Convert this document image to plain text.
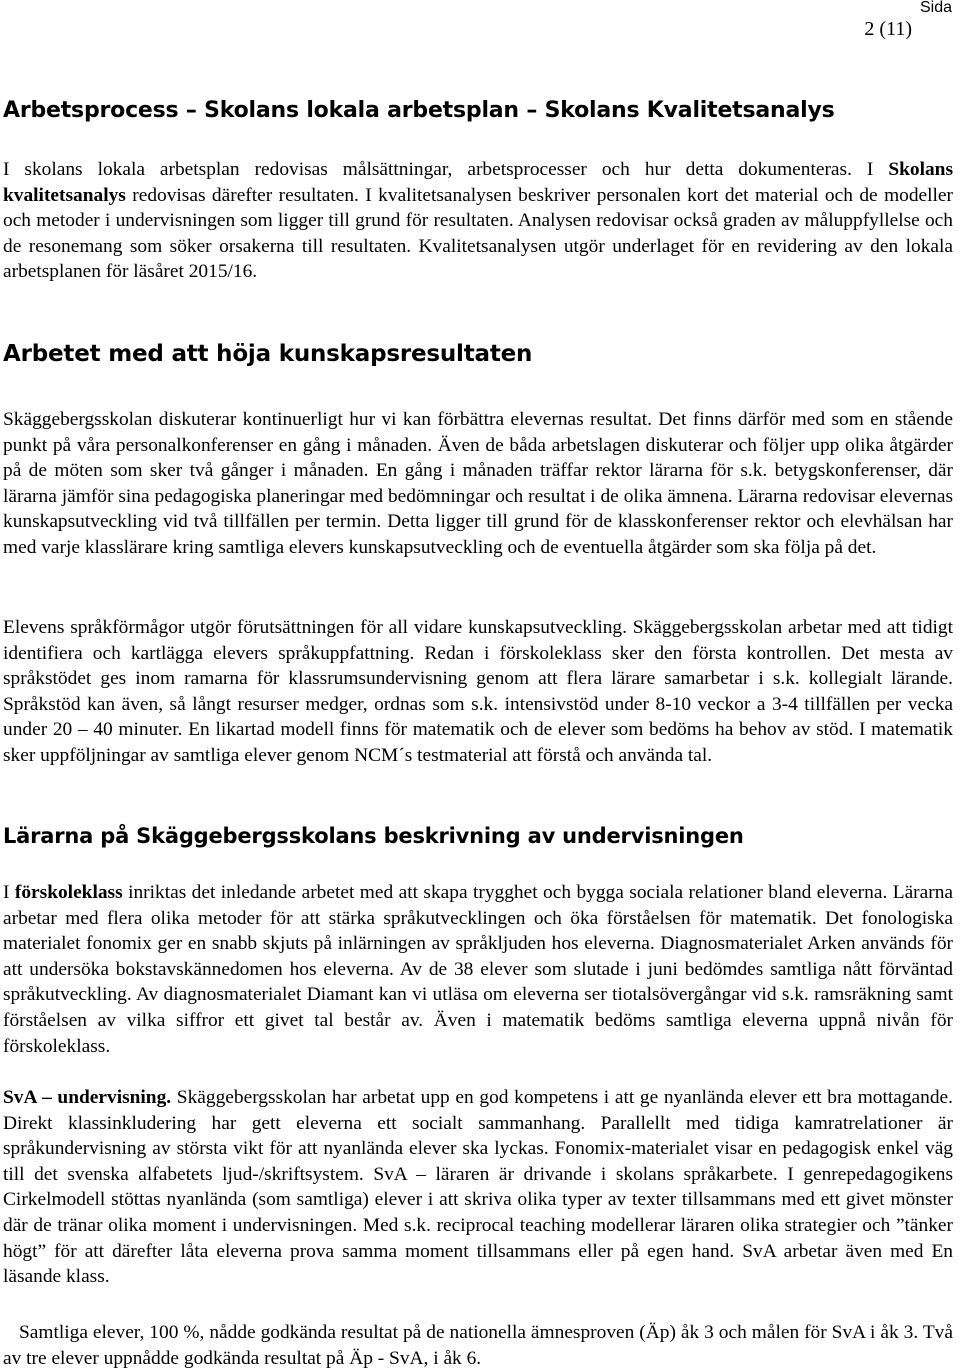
Sida
2 (11)
Arbetsprocess – Skolans lokala arbetsplan – Skolans Kvalitetsanalys

I skolans lokala arbetsplan redovisas målsättningar, arbetsprocesser och hur detta dokumenteras. I Skolans kvalitetsanalys redovisas därefter resultaten. I kvalitetsanalysen beskriver personalen kort det material och de modeller och metoder i undervisningen som ligger till grund för resultaten. Analysen redovisar också graden av måluppfyllelse och de resonemang som söker orsakerna till resultaten. Kvalitetsanalysen utgör underlaget för en revidering av den lokala arbetsplanen för läsåret 2015/16.

Arbetet med att höja kunskapsresultaten

Skäggebergsskolan diskuterar kontinuerligt hur vi kan förbättra elevernas resultat. Det finns därför med som en stående punkt på våra personalkonferenser en gång i månaden. Även de båda arbetslagen diskuterar och följer upp olika åtgärder på de möten som sker två gånger i månaden. En gång i månaden träffar rektor lärarna för s.k. betygskonferenser, där lärarna jämför sina pedagogiska planeringar med bedömningar och resultat i de olika ämnena. Lärarna redovisar elevernas kunskapsutveckling vid två tillfällen per termin. Detta ligger till grund för de klasskonferenser rektor och elevhälsan har med varje klasslärare kring samtliga elevers kunskapsutveckling och de eventuella åtgärder som ska följa på det.

Elevens språkförmågor utgör förutsättningen för all vidare kunskapsutveckling. Skäggebergsskolan arbetar med att tidigt identifiera och kartlägga elevers språkuppfattning. Redan i förskoleklass sker den första kontrollen. Det mesta av språkstödet ges inom ramarna för klassrumsundervisning genom att flera lärare samarbetar i s.k. kollegialt lärande. Språkstöd kan även, så långt resurser medger, ordnas som s.k. intensivstöd under 8-10 veckor a 3-4 tillfällen per vecka under 20 – 40 minuter. En likartad modell finns för matematik och de elever som bedöms ha behov av stöd. I matematik sker uppföljningar av samtliga elever genom NCM´s testmaterial att förstå och använda tal.

Lärarna på Skäggebergsskolans beskrivning av undervisningen

I förskoleklass inriktas det inledande arbetet med att skapa trygghet och bygga sociala relationer bland eleverna. Lärarna arbetar med flera olika metoder för att stärka språkutvecklingen och öka förståelsen för matematik. Det fonologiska materialet fonomix ger en snabb skjuts på inlärningen av språkljuden hos eleverna. Diagnosmaterialet Arken används för att undersöka bokstavskännedomen hos eleverna. Av de 38 elever som slutade i juni bedömdes samtliga nått förväntad språkutveckling. Av diagnosmaterialet Diamant kan vi utläsa om eleverna ser tiotalsövergångar vid s.k. ramsräkning samt förståelsen av vilka siffror ett givet tal består av. Även i matematik bedöms samtliga eleverna uppnå nivån för förskoleklass.

SvA – undervisning. Skäggebergsskolan har arbetat upp en god kompetens i att ge nyanlända elever ett bra mottagande. Direkt klassinkludering har gett eleverna ett socialt sammanhang. Parallellt med tidiga kamratrelationer är språkundervisning av största vikt för att nyanlända elever ska lyckas. Fonomix-materialet visar en pedagogisk enkel väg till det svenska alfabetets ljud-/skriftsystem. SvA – läraren är drivande i skolans språkarbete. I genrepedagogikens Cirkelmodell stöttas nyanlända (som samtliga) elever i att skriva olika typer av texter tillsammans med ett givet mönster där de tränar olika moment i undervisningen. Med s.k. reciprocal teaching modellerar läraren olika strategier och ”tänker högt” för att därefter låta eleverna prova samma moment tillsammans eller på egen hand. SvA arbetar även med En läsande klass.

Samtliga elever, 100 %, nådde godkända resultat på de nationella ämnesproven (Äp) åk 3 och målen för SvA i åk 3. Två av tre elever uppnådde godkända resultat på Äp - SvA, i åk 6.
